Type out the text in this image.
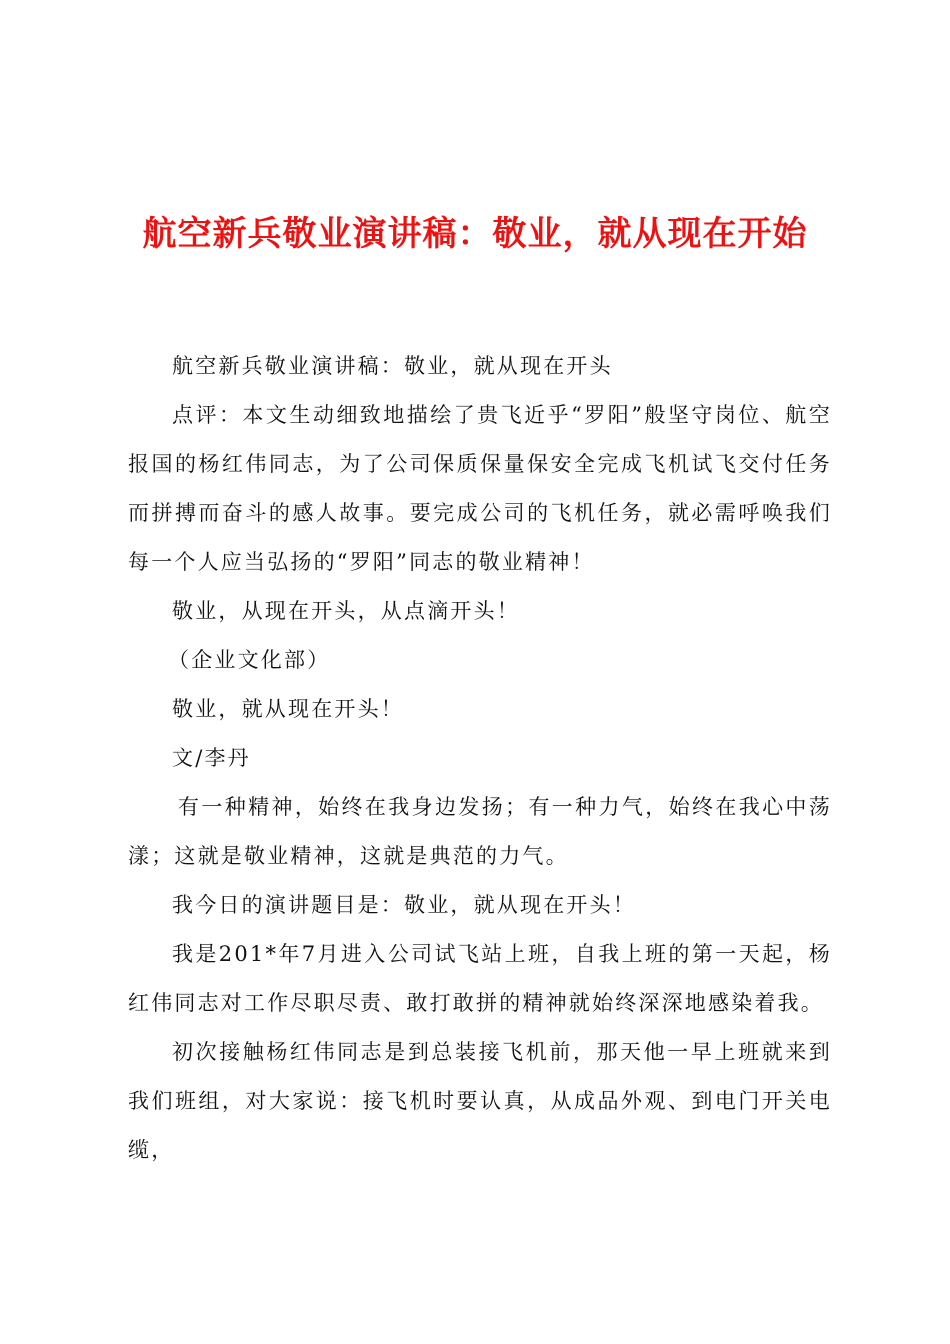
航空新兵敬业演讲稿：敬业，就从现在开始

航空新兵敬业演讲稿：敬业，就从现在开头

点评：本文生动细致地描绘了贵飞近乎“罗阳”般坚守岗位、航空报国的杨红伟同志，为了公司保质保量保安全完成飞机试飞交付任务而拼搏而奋斗的感人故事。要完成公司的飞机任务，就必需呼唤我们每一个人应当弘扬的“罗阳”同志的敬业精神！

敬业，从现在开头，从点滴开头！

（企业文化部）

敬业，就从现在开头！

文/李丹

有一种精神，始终在我身边发扬；有一种力气，始终在我心中荡漾；这就是敬业精神，这就是典范的力气。

我今日的演讲题目是：敬业，就从现在开头！

我是201*年7月进入公司试飞站上班，自我上班的第一天起，杨红伟同志对工作尽职尽责、敢打敢拼的精神就始终深深地感染着我。

初次接触杨红伟同志是到总装接飞机前，那天他一早上班就来到我们班组，对大家说：接飞机时要认真，从成品外观、到电门开关电缆，
